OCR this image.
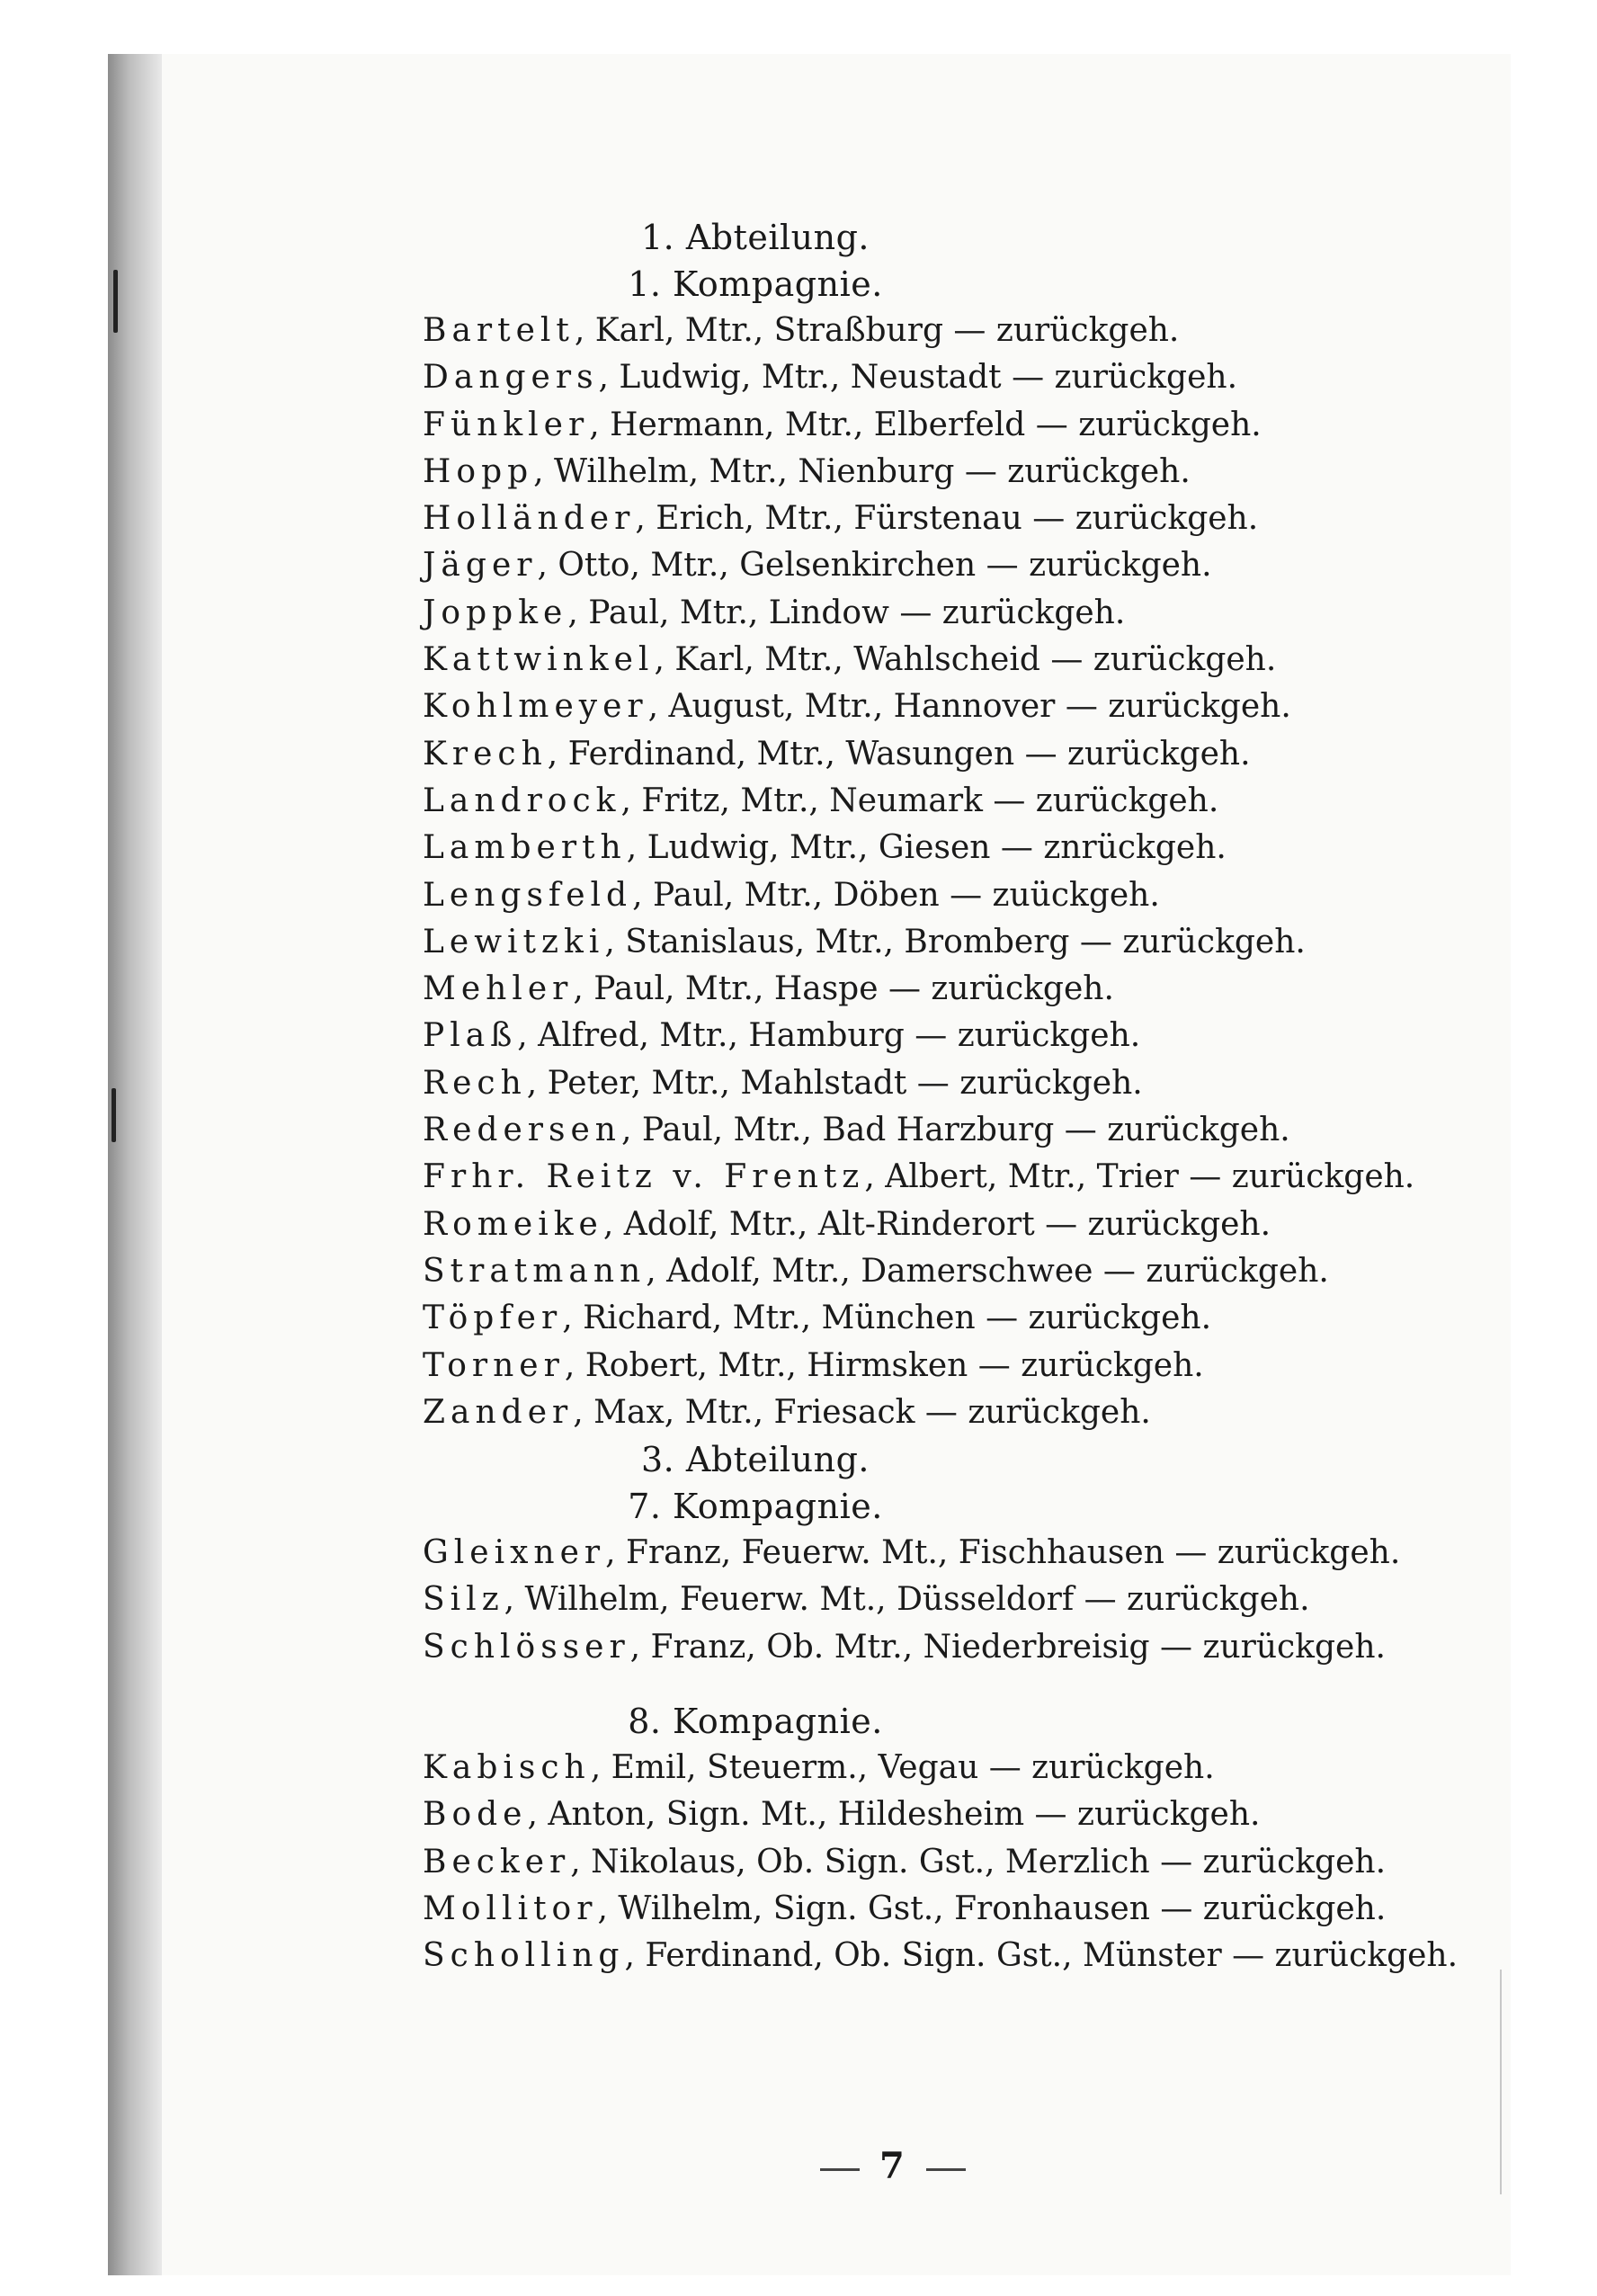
1. Abteilung.
1. Kompagnie.
Bartelt, Karl, Mtr., Straßburg — zurückgeh.
Dangers, Ludwig, Mtr., Neustadt — zurückgeh.
Fünkler, Hermann, Mtr., Elberfeld — zurückgeh.
Hopp, Wilhelm, Mtr., Nienburg — zurückgeh.
Holländer, Erich, Mtr., Fürstenau — zurückgeh.
Jäger, Otto, Mtr., Gelsenkirchen — zurückgeh.
Joppke, Paul, Mtr., Lindow — zurückgeh.
Kattwinkel, Karl, Mtr., Wahlscheid — zurückgeh.
Kohlmeyer, August, Mtr., Hannover — zurückgeh.
Krech, Ferdinand, Mtr., Wasungen — zurückgeh.
Landrock, Fritz, Mtr., Neumark — zurückgeh.
Lamberth, Ludwig, Mtr., Giesen — znrückgeh.
Lengsfeld, Paul, Mtr., Döben — zuückgeh.
Lewitzki, Stanislaus, Mtr., Bromberg — zurückgeh.
Mehler, Paul, Mtr., Haspe — zurückgeh.
Plaß, Alfred, Mtr., Hamburg — zurückgeh.
Rech, Peter, Mtr., Mahlstadt — zurückgeh.
Redersen, Paul, Mtr., Bad Harzburg — zurückgeh.
Frhr. Reitz v. Frentz, Albert, Mtr., Trier — zurückgeh.
Romeike, Adolf, Mtr., Alt-Rinderort — zurückgeh.
Stratmann, Adolf, Mtr., Damerschwee — zurückgeh.
Töpfer, Richard, Mtr., München — zurückgeh.
Torner, Robert, Mtr., Hirmsken — zurückgeh.
Zander, Max, Mtr., Friesack — zurückgeh.
3. Abteilung.
7. Kompagnie.
Gleixner, Franz, Feuerw. Mt., Fischhausen — zurückgeh.
Silz, Wilhelm, Feuerw. Mt., Düsseldorf — zurückgeh.
Schlösser, Franz, Ob. Mtr., Niederbreisig — zurückgeh.
8. Kompagnie.
Kabisch, Emil, Steuerm., Vegau — zurückgeh.
Bode, Anton, Sign. Mt., Hildesheim — zurückgeh.
Becker, Nikolaus, Ob. Sign. Gst., Merzlich — zurückgeh.
Mollitor, Wilhelm, Sign. Gst., Fronhausen — zurückgeh.
Scholling, Ferdinand, Ob. Sign. Gst., Münster — zurückgeh.
7
